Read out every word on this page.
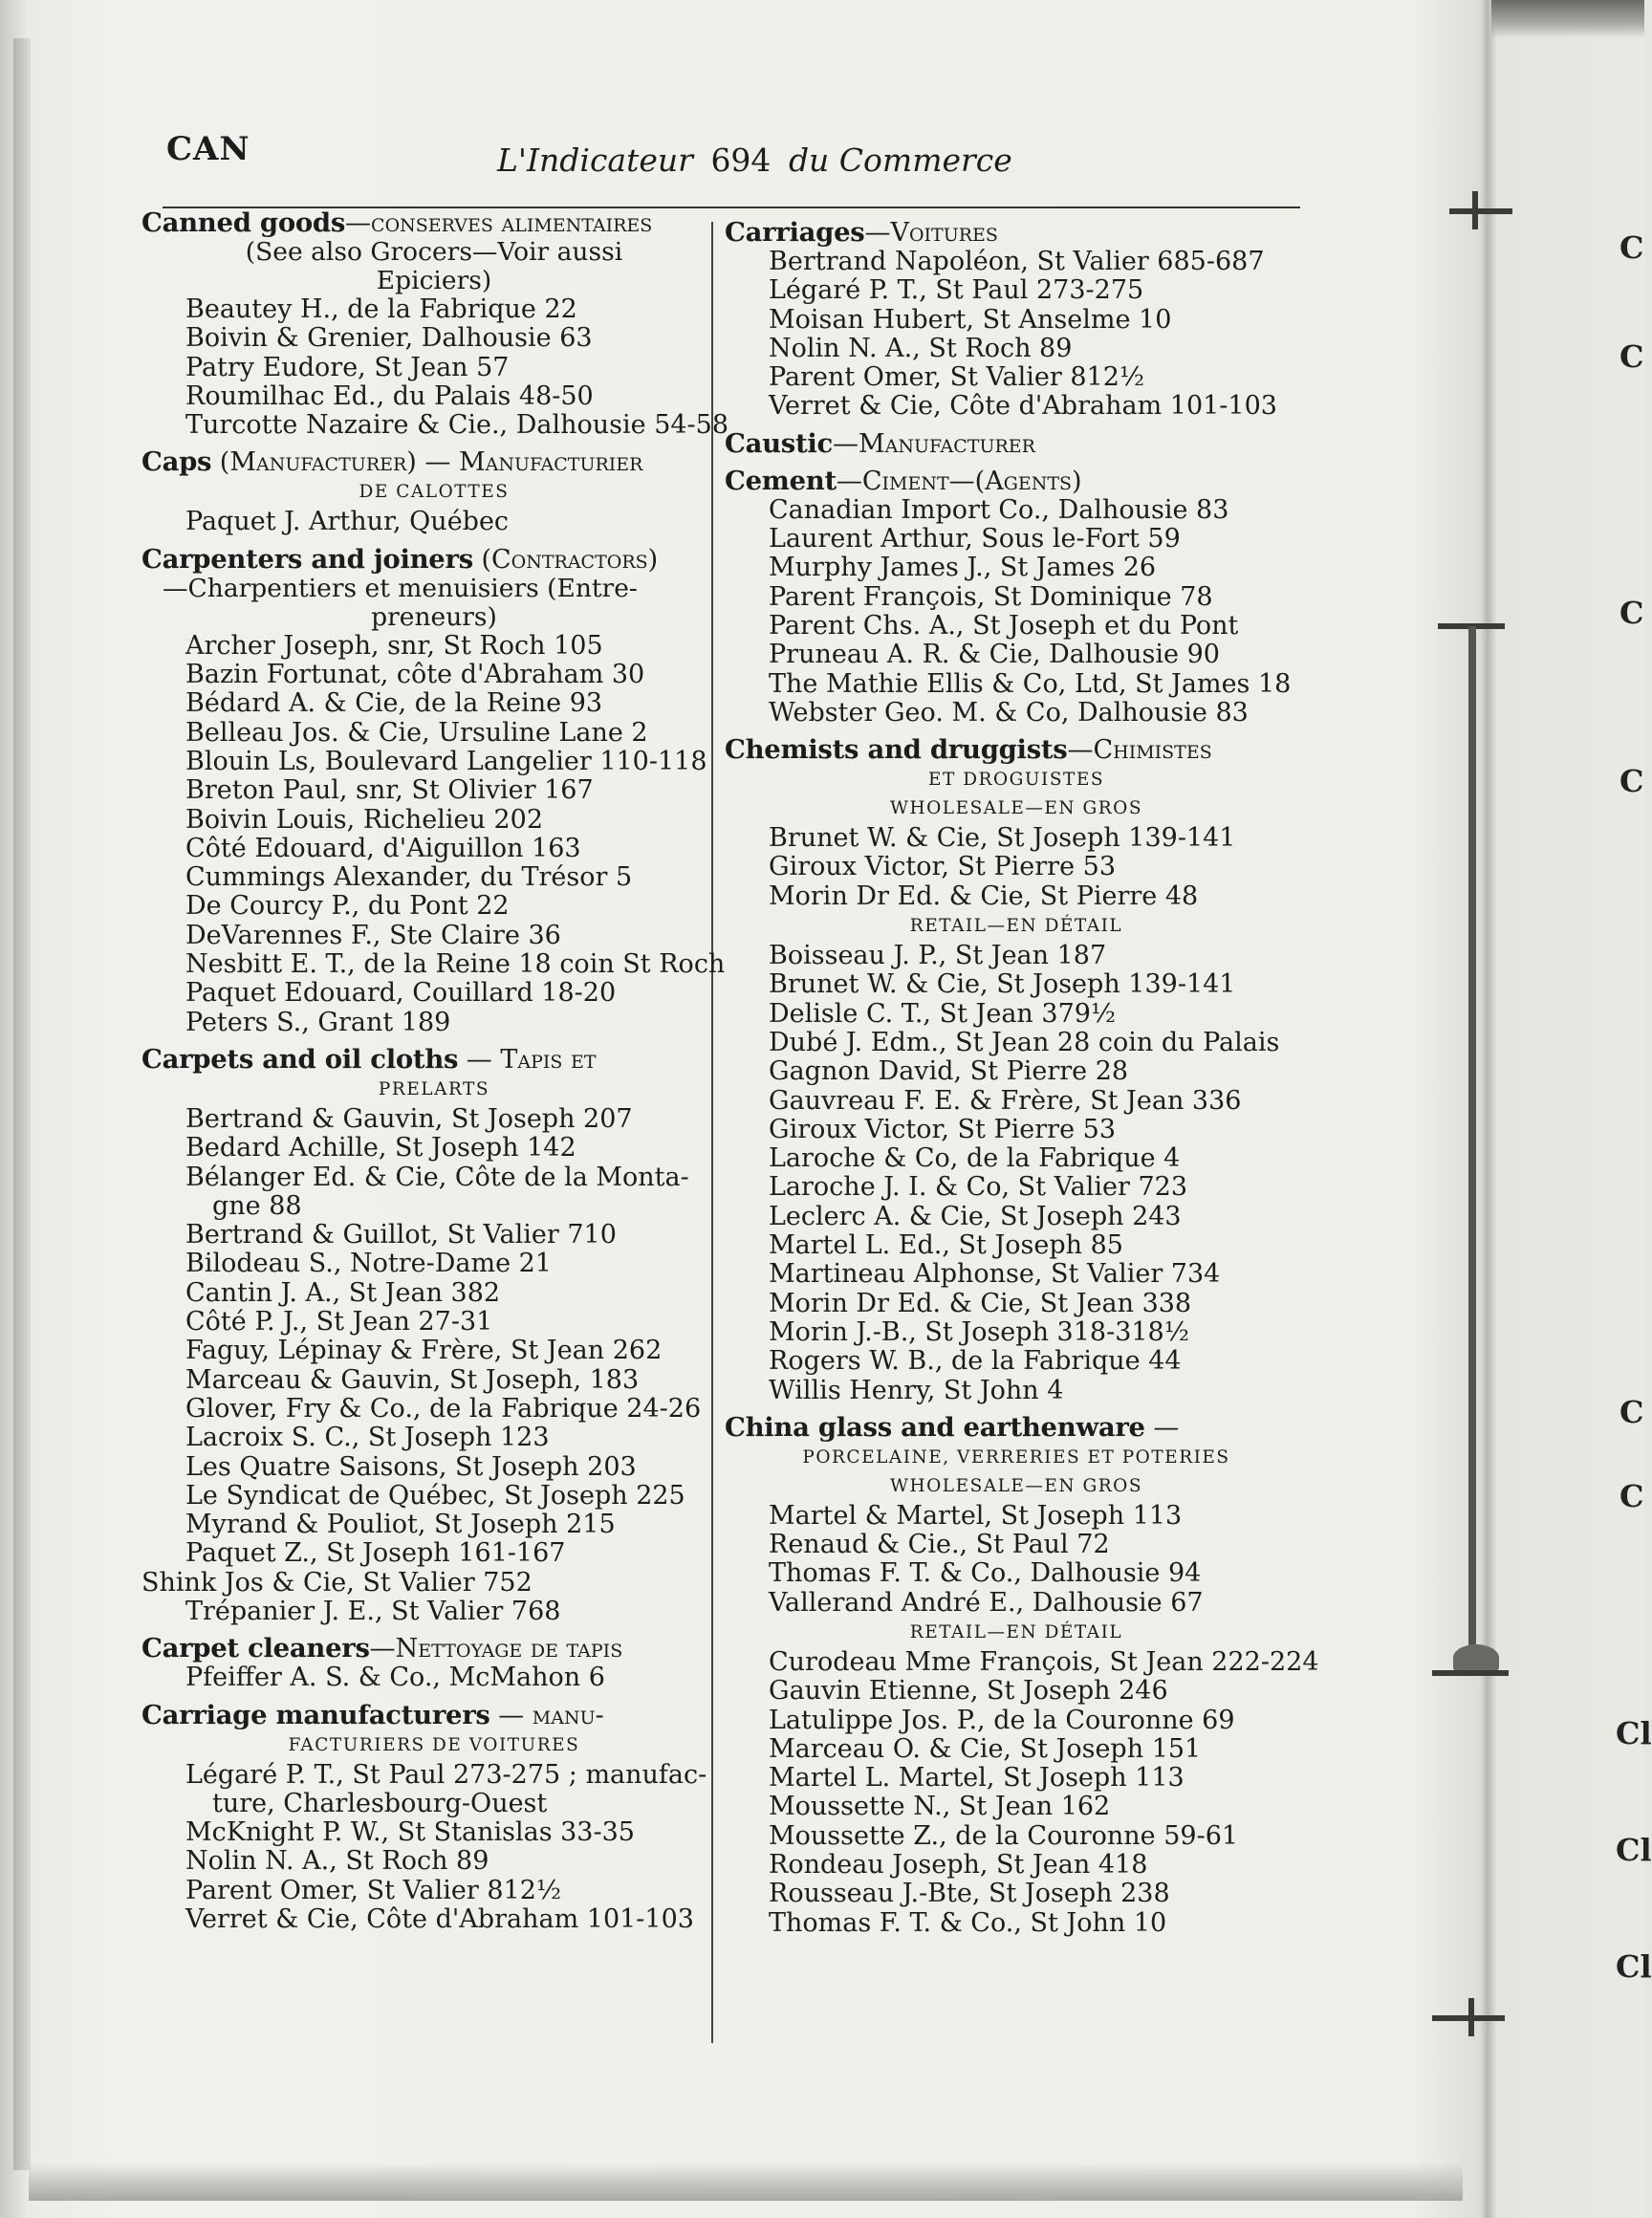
CAN	L'Indicateur 694 du Commerce

Canned goods—conserves alimentaires

(See also Grocers—Voir aussi

Epiciers)

Beautey H., de la Fabrique 22

Boivin & Grenier, Dalhousie 63

Patry Eudore, St Jean 57

Roumilhac Ed., du Palais 48-50

Turcotte Nazaire & Cie., Dalhousie 54-58

Caps (Manufacturer) — Manufacturier

DE CALOTTES

Paquet J. Arthur, Québec

Carpenters and joiners (Contractors)

—Charpentiers et menuisiers (Entre-

preneurs)

Archer Joseph, snr, St Roch 105

Bazin Fortunat, côte d'Abraham 30

Bédard A. & Cie, de la Reine 93

Belleau Jos. & Cie, Ursuline Lane 2

Blouin Ls, Boulevard Langelier 110-118

Breton Paul, snr, St Olivier 167

Boivin Louis, Richelieu 202

Côté Edouard, d'Aiguillon 163

Cummings Alexander, du Trésor 5

De Courcy P., du Pont 22

DeVarennes F., Ste Claire 36

Nesbitt E. T., de la Reine 18 coin St Roch

Paquet Edouard, Couillard 18-20

Peters S., Grant 189

Carpets and oil cloths — Tapis et

PRELARTS

Bertrand & Gauvin, St Joseph 207

Bedard Achille, St Joseph 142

Bélanger Ed. & Cie, Côte de la Monta-

gne 88

Bertrand & Guillot, St Valier 710

Bilodeau S., Notre-Dame 21

Cantin J. A., St Jean 382

Côté P. J., St Jean 27-31

Faguy, Lépinay & Frère, St Jean 262

Marceau & Gauvin, St Joseph, 183

Glover, Fry & Co., de la Fabrique 24-26

Lacroix S. C., St Joseph 123

Les Quatre Saisons, St Joseph 203

Le Syndicat de Québec, St Joseph 225

Myrand & Pouliot, St Joseph 215

Paquet Z., St Joseph 161-167

Shink Jos & Cie, St Valier 752

Trépanier J. E., St Valier 768

Carpet cleaners—Nettoyage de tapis

Pfeiffer A. S. & Co., McMahon 6

Carriage manufacturers — manu-

FACTURIERS DE VOITURES

Légaré P. T., St Paul 273-275 ; manufac-

ture, Charlesbourg-Ouest

McKnight P. W., St Stanislas 33-35

Nolin N. A., St Roch 89

Parent Omer, St Valier 812½

Verret & Cie, Côte d'Abraham 101-103

Carriages—Voitures

Bertrand Napoléon, St Valier 685-687

Légaré P. T., St Paul 273-275

Moisan Hubert, St Anselme 10

Nolin N. A., St Roch 89

Parent Omer, St Valier 812½

Verret & Cie, Côte d'Abraham 101-103

Caustic—Manufacturer

Cement—Ciment—(Agents)

Canadian Import Co., Dalhousie 83

Laurent Arthur, Sous le-Fort 59

Murphy James J., St James 26

Parent François, St Dominique 78

Parent Chs. A., St Joseph et du Pont

Pruneau A. R. & Cie, Dalhousie 90

The Mathie Ellis & Co, Ltd, St James 18

Webster Geo. M. & Co, Dalhousie 83

Chemists and druggists—Chimistes

ET DROGUISTES

WHOLESALE—EN GROS

Brunet W. & Cie, St Joseph 139-141

Giroux Victor, St Pierre 53

Morin Dr Ed. & Cie, St Pierre 48

RETAIL—EN DÉTAIL

Boisseau J. P., St Jean 187

Brunet W. & Cie, St Joseph 139-141

Delisle C. T., St Jean 379½

Dubé J. Edm., St Jean 28 coin du Palais

Gagnon David, St Pierre 28

Gauvreau F. E. & Frère, St Jean 336

Giroux Victor, St Pierre 53

Laroche & Co, de la Fabrique 4

Laroche J. I. & Co, St Valier 723

Leclerc A. & Cie, St Joseph 243

Martel L. Ed., St Joseph 85

Martineau Alphonse, St Valier 734

Morin Dr Ed. & Cie, St Jean 338

Morin J.-B., St Joseph 318-318½

Rogers W. B., de la Fabrique 44

Willis Henry, St John 4

China glass and earthenware —

PORCELAINE, VERRERIES ET POTERIES

WHOLESALE—EN GROS

Martel & Martel, St Joseph 113

Renaud & Cie., St Paul 72

Thomas F. T. & Co., Dalhousie 94

Vallerand André E., Dalhousie 67

RETAIL—EN DÉTAIL

Curodeau Mme François, St Jean 222-224

Gauvin Etienne, St Joseph 246

Latulippe Jos. P., de la Couronne 69

Marceau O. & Cie, St Joseph 151

Martel L. Martel, St Joseph 113

Moussette N., St Jean 162

Moussette Z., de la Couronne 59-61

Rondeau Joseph, St Jean 418

Rousseau J.-Bte, St Joseph 238

Thomas F. T. & Co., St John 10

C
C
C
C
C
C
Cl
Cl
Cl
